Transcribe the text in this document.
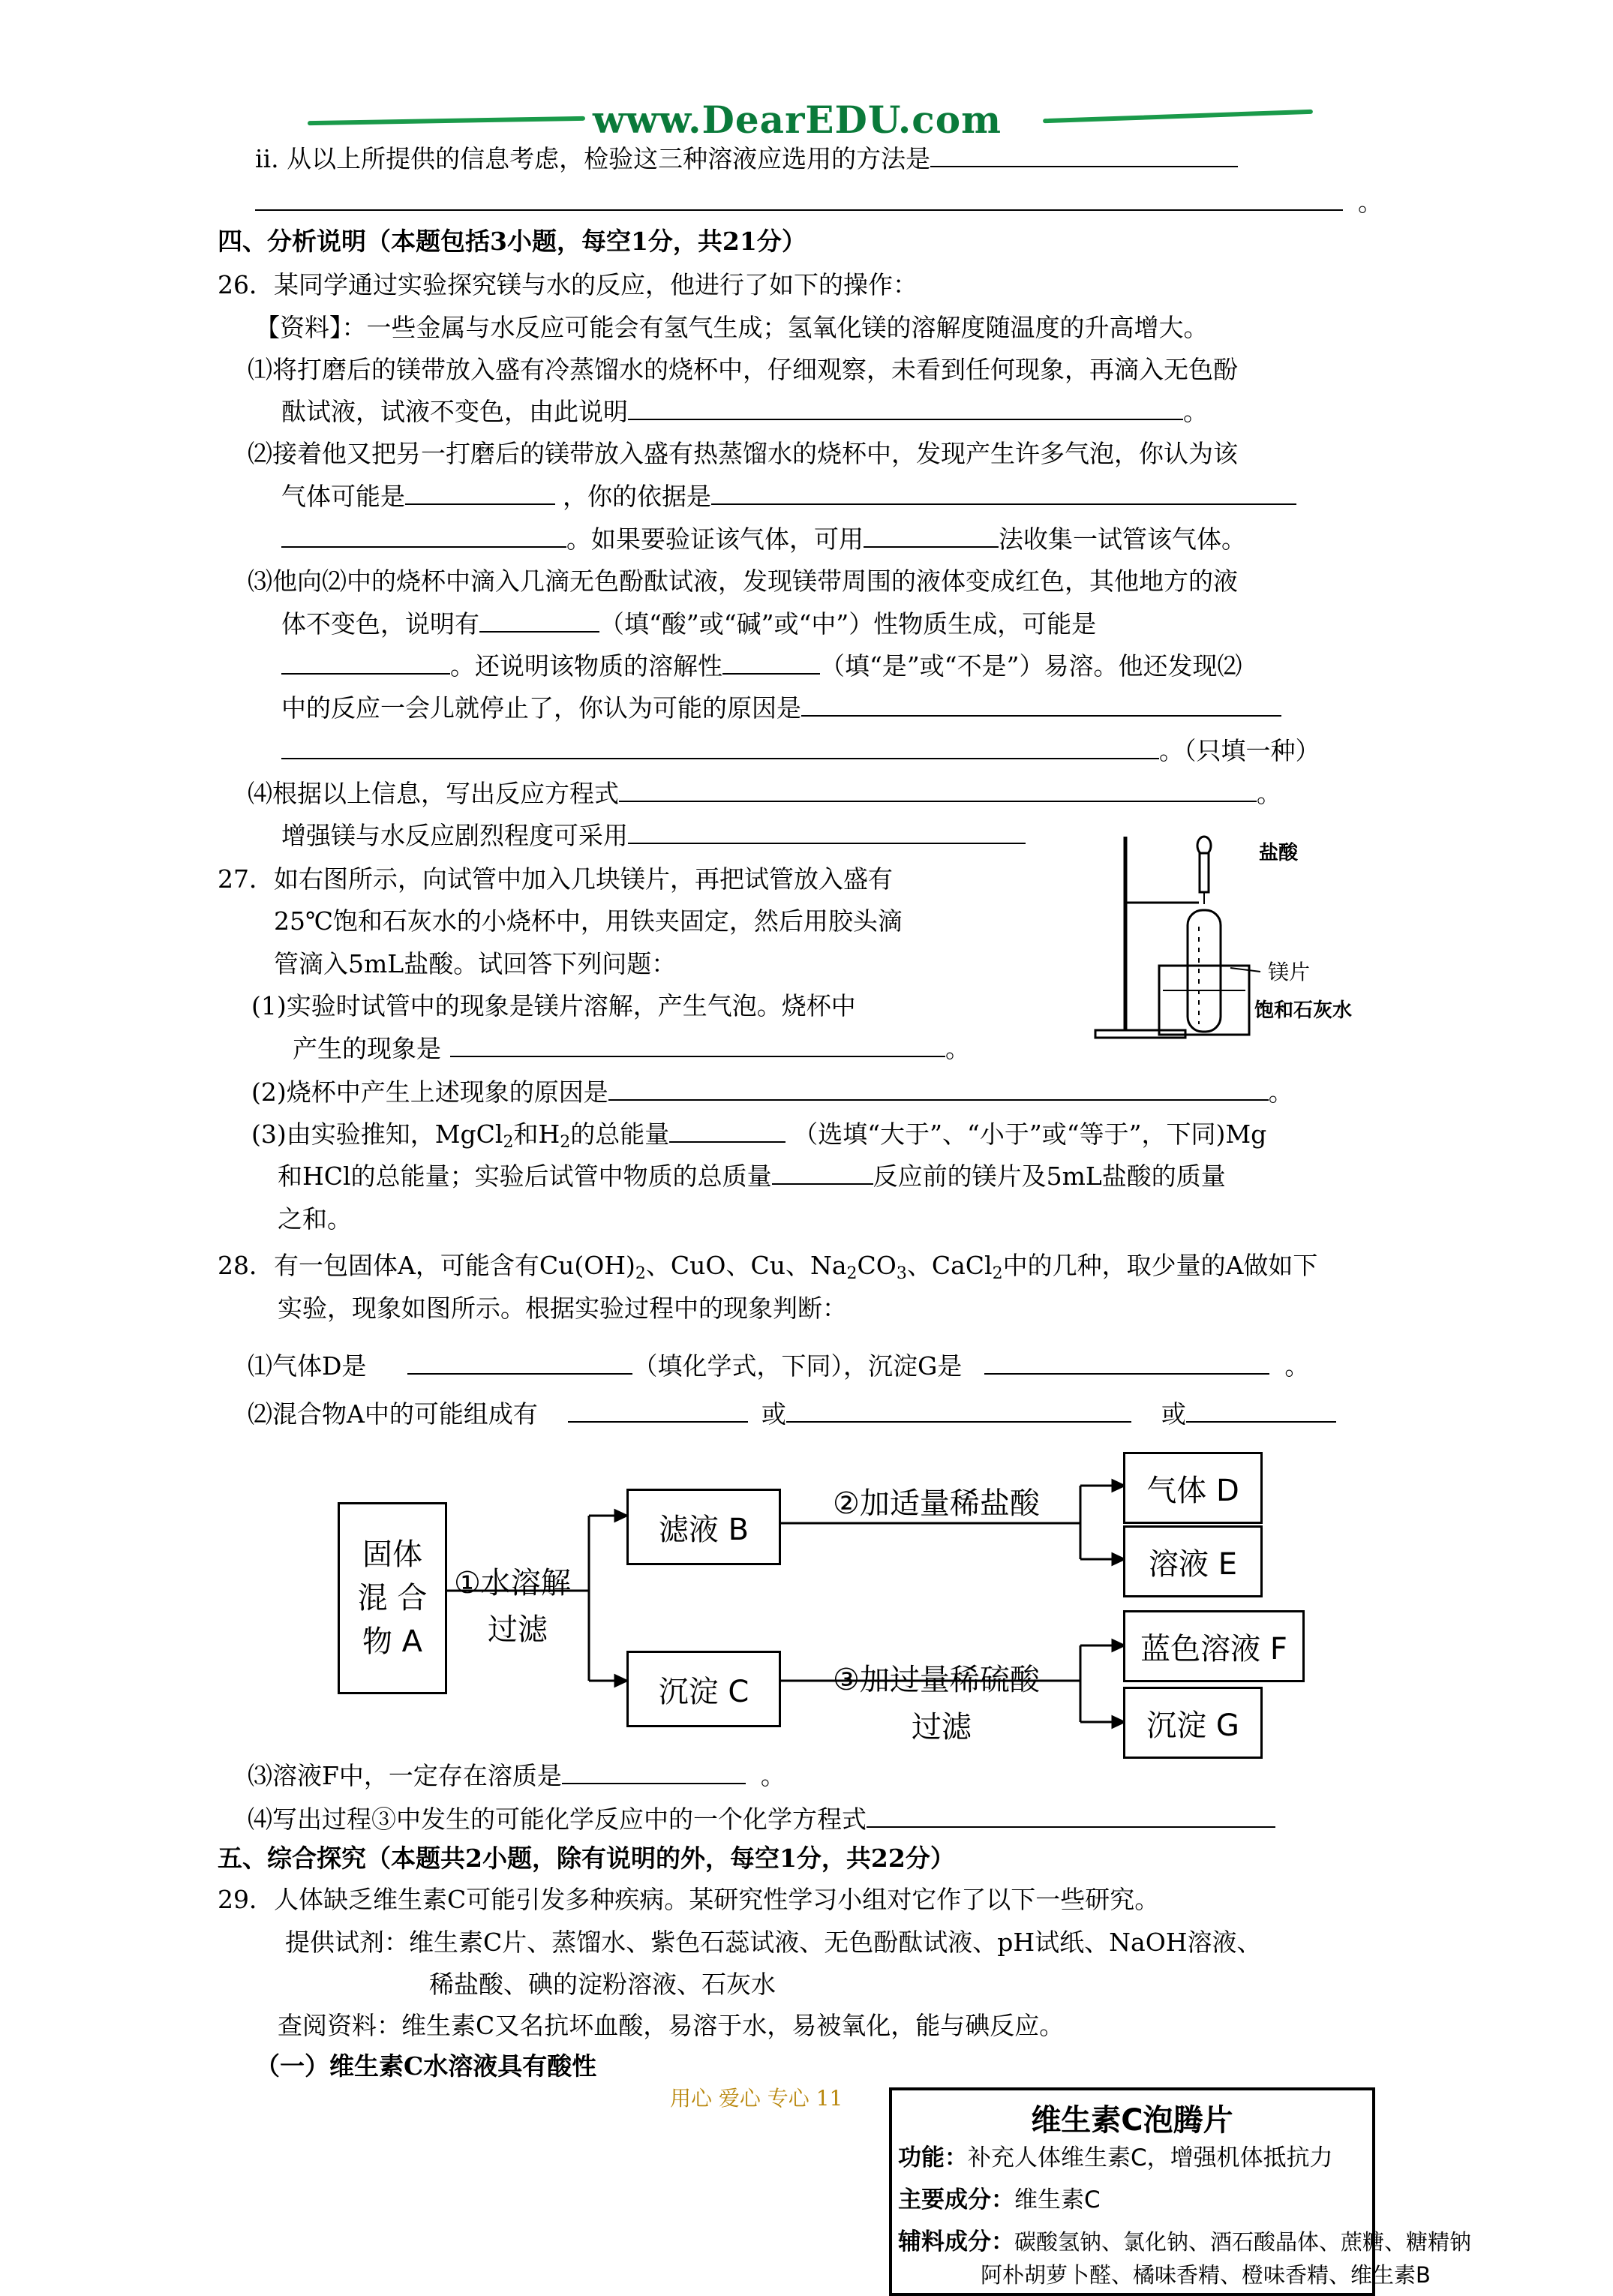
www.DearEDU.com
ⅱ. 从以上所提供的信息考虑，检验这三种溶液应选用的方法是
。
四、分析说明（本题包括3小题，每空1分，共21分）
26．某同学通过实验探究镁与水的反应，他进行了如下的操作：
【资料】：一些金属与水反应可能会有氢气生成；氢氧化镁的溶解度随温度的升高增大。
⑴将打磨后的镁带放入盛有冷蒸馏水的烧杯中，仔细观察，未看到任何现象，再滴入无色酚
酞试液，试液不变色，由此说明	。
⑵接着他又把另一打磨后的镁带放入盛有热蒸馏水的烧杯中，发现产生许多气泡，你认为该
气体可能是	，你的依据是
。如果要验证该气体，可用	法收集一试管该气体。
⑶他向⑵中的烧杯中滴入几滴无色酚酞试液，发现镁带周围的液体变成红色，其他地方的液
体不变色，说明有	（填“酸”或“碱”或“中”）性物质生成，可能是
。还说明该物质的溶解性	（填“是”或“不是”）易溶。他还发现⑵
中的反应一会儿就停止了，你认为可能的原因是
。（只填一种）
⑷根据以上信息，写出反应方程式	。
增强镁与水反应剧烈程度可采用
27．如右图所示，向试管中加入几块镁片，再把试管放入盛有
25℃饱和石灰水的小烧杯中，用铁夹固定，然后用胶头滴
管滴入5mL盐酸。试回答下列问题：
(1)实验时试管中的现象是镁片溶解，产生气泡。烧杯中
产生的现象是	。
(2)烧杯中产生上述现象的原因是	。
(3)由实验推知，MgCl$_2$和$H_2$的总能量	（选填“大于”、“小于”或“等于”，下同)Mg
和HCl的总能量；实验后试管中物质的总质量	反应前的镁片及5mL盐酸的质量
之和。
盐酸
镁片
饱和石灰水
28．有一包固体A，可能含有$Cu(OH)_2$、CuO、Cu、$Na_2CO_3$、CaCl$_2$中的几种，取少量的A做如下
实验，现象如图所示。根据实验过程中的现象判断：
⑴气体D是	（填化学式，下同），沉淀G是	。
⑵混合物A中的可能组成有	或	或
固体
混 合
物 A
①水溶解
过滤
滤液 B
沉淀 C
②加适量稀盐酸
③加过量稀硫酸
过滤
气体 D
溶液 E
蓝色溶液 F
沉淀 G
⑶溶液F中，一定存在溶质是	。
⑷写出过程③中发生的可能化学反应中的一个化学方程式
五、综合探究（本题共2小题，除有说明的外，每空1分，共22分）
29．人体缺乏维生素C可能引发多种疾病。某研究性学习小组对它作了以下一些研究。
提供试剂：维生素C片、蒸馏水、紫色石蕊试液、无色酚酞试液、pH试纸、NaOH溶液、
稀盐酸、碘的淀粉溶液、石灰水
查阅资料：维生素C又名抗坏血酸，易溶于水，易被氧化，能与碘反应。
（一）维生素C水溶液具有酸性
用心 爱心 专心 11
维生素C泡腾片
功能：补充人体维生素C，增强机体抵抗力
主要成分：维生素C
辅料成分：碳酸氢钠、氯化钠、酒石酸晶体、蔗糖、糖精钠
阿朴胡萝卜醛、橘味香精、橙味香精、维生素B
